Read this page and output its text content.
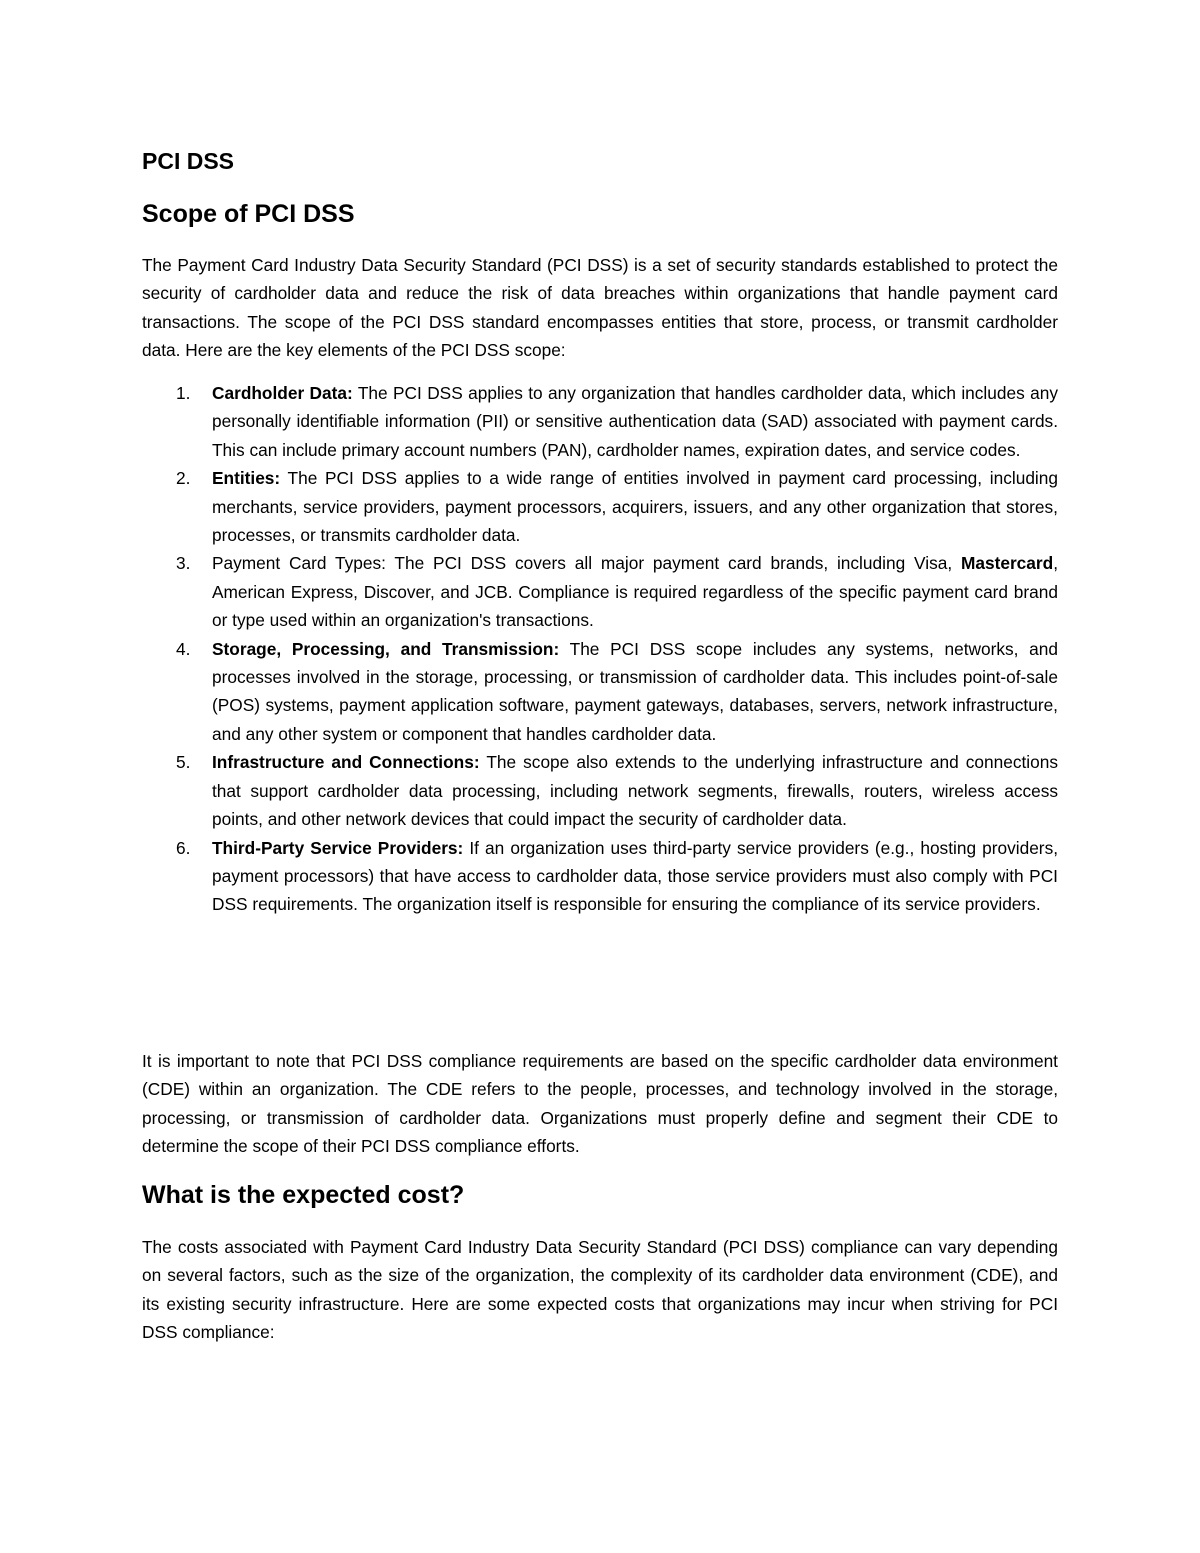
PCI DSS
Scope of PCI DSS

The Payment Card Industry Data Security Standard (PCI DSS) is a set of security standards established to protect the security of cardholder data and reduce the risk of data breaches within organizations that handle payment card transactions. The scope of the PCI DSS standard encompasses entities that store, process, or transmit cardholder data. Here are the key elements of the PCI DSS scope:

1. Cardholder Data: The PCI DSS applies to any organization that handles cardholder data, which includes any personally identifiable information (PII) or sensitive authentication data (SAD) associated with payment cards. This can include primary account numbers (PAN), cardholder names, expiration dates, and service codes.
2. Entities: The PCI DSS applies to a wide range of entities involved in payment card processing, including merchants, service providers, payment processors, acquirers, issuers, and any other organization that stores, processes, or transmits cardholder data.
3. Payment Card Types: The PCI DSS covers all major payment card brands, including Visa, Mastercard, American Express, Discover, and JCB. Compliance is required regardless of the specific payment card brand or type used within an organization's transactions.
4. Storage, Processing, and Transmission: The PCI DSS scope includes any systems, networks, and processes involved in the storage, processing, or transmission of cardholder data. This includes point-of-sale (POS) systems, payment application software, payment gateways, databases, servers, network infrastructure, and any other system or component that handles cardholder data.
5. Infrastructure and Connections: The scope also extends to the underlying infrastructure and connections that support cardholder data processing, including network segments, firewalls, routers, wireless access points, and other network devices that could impact the security of cardholder data.
6. Third-Party Service Providers: If an organization uses third-party service providers (e.g., hosting providers, payment processors) that have access to cardholder data, those service providers must also comply with PCI DSS requirements. The organization itself is responsible for ensuring the compliance of its service providers.

It is important to note that PCI DSS compliance requirements are based on the specific cardholder data environment (CDE) within an organization. The CDE refers to the people, processes, and technology involved in the storage, processing, or transmission of cardholder data. Organizations must properly define and segment their CDE to determine the scope of their PCI DSS compliance efforts.

What is the expected cost?

The costs associated with Payment Card Industry Data Security Standard (PCI DSS) compliance can vary depending on several factors, such as the size of the organization, the complexity of its cardholder data environment (CDE), and its existing security infrastructure. Here are some expected costs that organizations may incur when striving for PCI DSS compliance:
